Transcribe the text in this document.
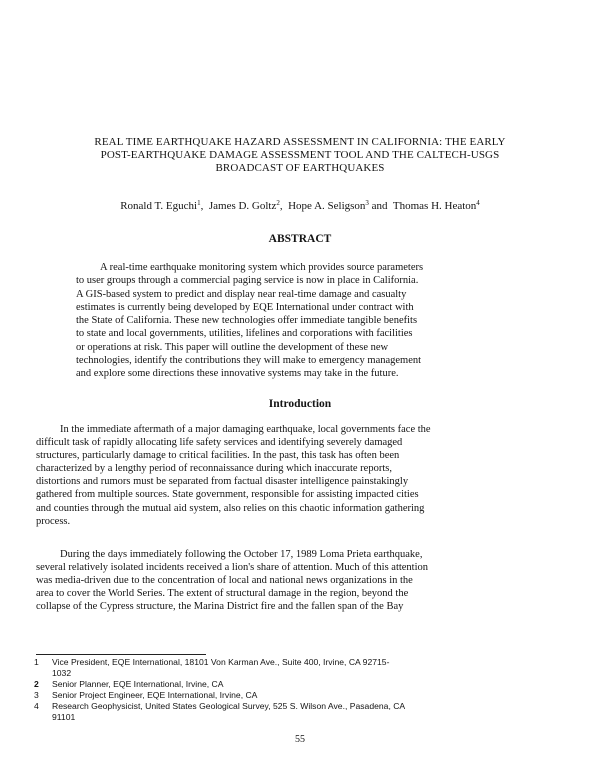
REAL TIME EARTHQUAKE HAZARD ASSESSMENT IN CALIFORNIA: THE EARLY
POST-EARTHQUAKE DAMAGE ASSESSMENT TOOL AND THE CALTECH-USGS
BROADCAST OF EARTHQUAKES
Ronald T. Eguchi$^1$,  James D. Goltz$^2$,  Hope A. Seligson$^3$ and  Thomas H. Heaton$^4$
ABSTRACT
A real-time earthquake monitoring system which provides source parameters
to user groups through a commercial paging service is now in place in California.
A GIS-based system to predict and display near real-time damage and casualty
estimates is currently being developed by EQE International under contract with
the State of California. These new technologies offer immediate tangible benefits
to state and local governments, utilities, lifelines and corporations with facilities
or operations at risk. This paper will outline the development of these new
technologies, identify the contributions they will make to emergency management
and explore some directions these innovative systems may take in the future.
Introduction
In the immediate aftermath of a major damaging earthquake, local governments face the
difficult task of rapidly allocating life safety services and identifying severely damaged
structures, particularly damage to critical facilities. In the past, this task has often been
characterized by a lengthy period of reconnaissance during which inaccurate reports,
distortions and rumors must be separated from factual disaster intelligence painstakingly
gathered from multiple sources. State government, responsible for assisting impacted cities
and counties through the mutual aid system, also relies on this chaotic information gathering
process.
During the days immediately following the October 17, 1989 Loma Prieta earthquake,
several relatively isolated incidents received a lion's share of attention. Much of this attention
was media-driven due to the concentration of local and national news organizations in the
area to cover the World Series. The extent of structural damage in the region, beyond the
collapse of the Cypress structure, the Marina District fire and the fallen span of the Bay
1 Vice President, EQE International, 18101 Von Karman Ave., Suite 400, Irvine, CA 92715-
1032
2 Senior Planner, EQE International, Irvine, CA
3 Senior Project Engineer, EQE International, Irvine, CA
4 Research Geophysicist, United States Geological Survey, 525 S. Wilson Ave., Pasadena, CA
91101
55
